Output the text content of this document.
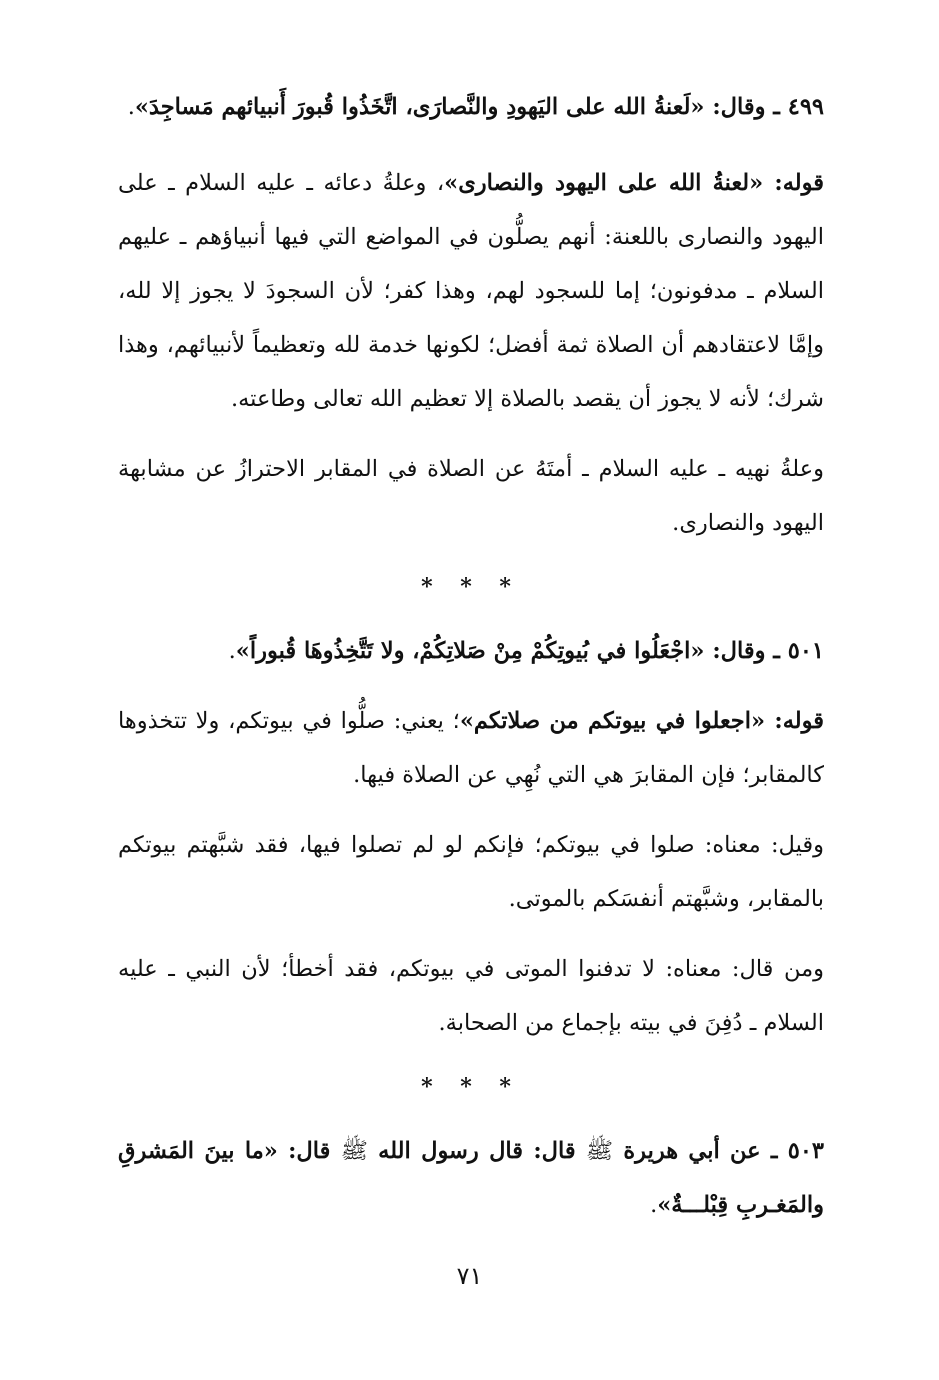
٤٩٩ ـ وقال: «لَعنةُ الله على اليَهودِ والنَّصارَى، اتَّخَذُوا قُبورَ أَنبيائهم مَساجِدَ».

قوله: «لعنةُ الله على اليهود والنصارى»، وعلةُ دعائه ـ عليه السلام ـ على اليهود والنصارى باللعنة: أنهم يصلُّون في المواضع التي فيها أنبياؤهم ـ عليهم السلام ـ مدفونون؛ إما للسجود لهم، وهذا كفر؛ لأن السجودَ لا يجوز إلا لله، وإمَّا لاعتقادهم أن الصلاة ثمة أفضل؛ لكونها خدمة لله وتعظيماً لأنبيائهم، وهذا شرك؛ لأنه لا يجوز أن يقصد بالصلاة إلا تعظيم الله تعالى وطاعته.

وعلةُ نهيه ـ عليه السلام ـ أمتَهُ عن الصلاة في المقابر الاحترازُ عن مشابهة اليهود والنصارى.

* * *

٥٠١ ـ وقال: «اجْعَلُوا في بُيوتِكُمْ مِنْ صَلاتِكُمْ، ولا تَتَّخِذُوهَا قُبوراً».

قوله: «اجعلوا في بيوتكم من صلاتكم»؛ يعني: صلُّوا في بيوتكم، ولا تتخذوها كالمقابر؛ فإن المقابرَ هي التي نُهِي عن الصلاة فيها.

وقيل: معناه: صلوا في بيوتكم؛ فإنكم لو لم تصلوا فيها، فقد شبَّهتم بيوتكم بالمقابر، وشبَّهتم أنفسَكم بالموتى.

ومن قال: معناه: لا تدفنوا الموتى في بيوتكم، فقد أخطأ؛ لأن النبي ـ عليه السلام ـ دُفِنَ في بيته بإجماع من الصحابة.

* * *

٥٠٣ ـ عن أبي هريرة ﷺ قال: قال رسول الله ﷺ قال: «ما بينَ المَشرقِ والمَغـربِ قِبْلـــةٌ».

٧١
